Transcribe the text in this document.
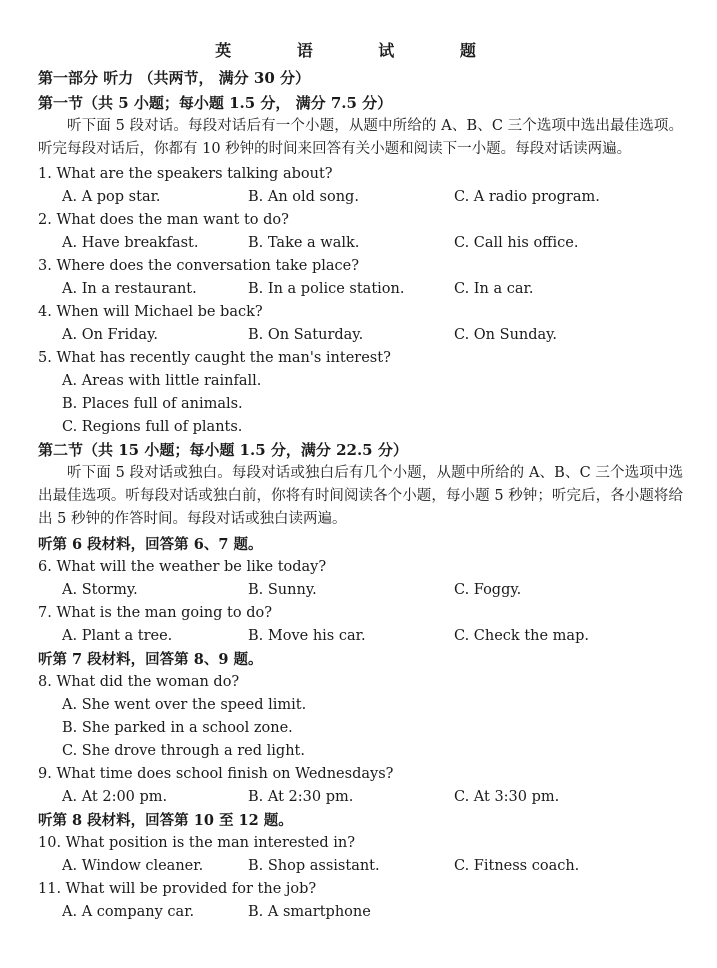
英 语 试 题
第一部分 听力 （共两节， 满分 30 分）
第一节（共 5 小题；每小题 1.5 分， 满分 7.5 分）
听下面 5 段对话。每段对话后有一个小题，从题中所给的 A、B、C 三个选项中选出最佳选项。听完每段对话后，你都有 10 秒钟的时间来回答有关小题和阅读下一小题。每段对话读两遍。
1. What are the speakers talking about?
A. A pop star.	B. An old song.	C. A radio program.
2. What does the man want to do?
A. Have breakfast.	B. Take a walk.	C. Call his office.
3. Where does the conversation take place?
A. In a restaurant.	B. In a police station.	C. In a car.
4. When will Michael be back?
A. On Friday.	B. On Saturday.	C. On Sunday.
5. What has recently caught the man's interest?
A. Areas with little rainfall.
B. Places full of animals.
C. Regions full of plants.
第二节（共 15 小题；每小题 1.5 分，满分 22.5 分）
听下面 5 段对话或独白。每段对话或独白后有几个小题，从题中所给的 A、B、C 三个选项中选出最佳选项。听每段对话或独白前，你将有时间阅读各个小题，每小题 5 秒钟；听完后，各小题将给出 5 秒钟的作答时间。每段对话或独白读两遍。
听第 6 段材料，回答第 6、7 题。
6. What will the weather be like today?
A. Stormy.	B. Sunny.	C. Foggy.
7. What is the man going to do?
A. Plant a tree.	B. Move his car.	C. Check the map.
听第 7 段材料，回答第 8、9 题。
8. What did the woman do?
A. She went over the speed limit.
B. She parked in a school zone.
C. She drove through a red light.
9. What time does school finish on Wednesdays?
A. At 2:00 pm.	B. At 2:30 pm.	C. At 3:30 pm.
听第 8 段材料，回答第 10 至 12 题。
10. What position is the man interested in?
A. Window cleaner.	B. Shop assistant.	C. Fitness coach.
11. What will be provided for the job?
A. A company car.	B. A smartphone
